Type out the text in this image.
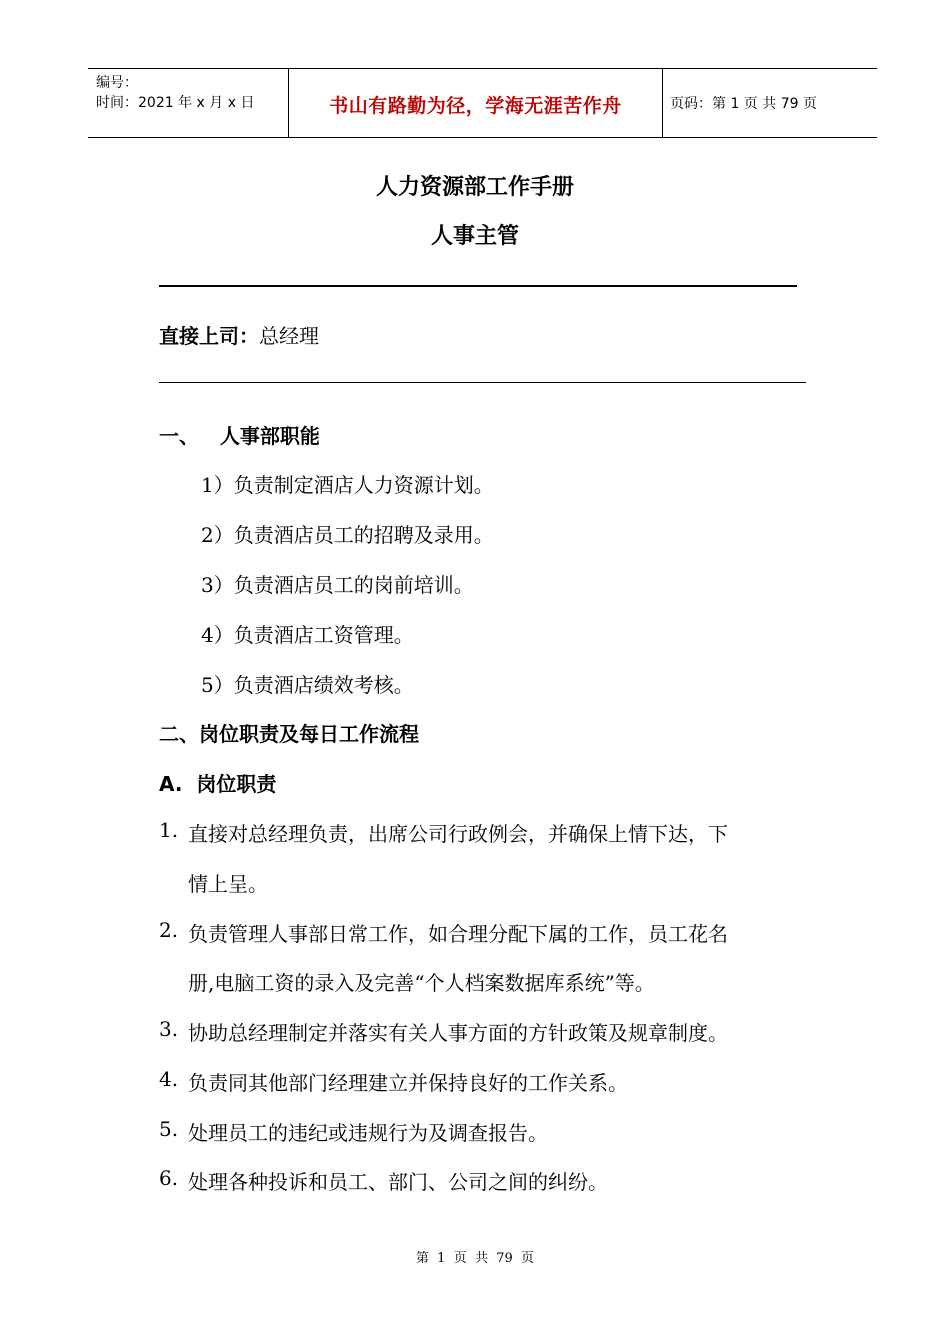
编号：
时间：2021 年 x 月 x 日	书山有路勤为径，学海无涯苦作舟	页码：第 1 页 共 79 页
人力资源部工作手册
人事主管
直接上司：总经理
一、   人事部职能
1）负责制定酒店人力资源计划。
2）负责酒店员工的招聘及录用。
3）负责酒店员工的岗前培训。
4）负责酒店工资管理。
5）负责酒店绩效考核。
二、岗位职责及每日工作流程
A.  岗位职责
1. 直接对总经理负责，出席公司行政例会，并确保上情下达，下
情上呈。
2. 负责管理人事部日常工作，如合理分配下属的工作，员工花名
册,电脑工资的录入及完善“个人档案数据库系统”等。
3. 协助总经理制定并落实有关人事方面的方针政策及规章制度。
4. 负责同其他部门经理建立并保持良好的工作关系。
5. 处理员工的违纪或违规行为及调查报告。
6. 处理各种投诉和员工、部门、公司之间的纠纷。
第  1  页  共  79  页
